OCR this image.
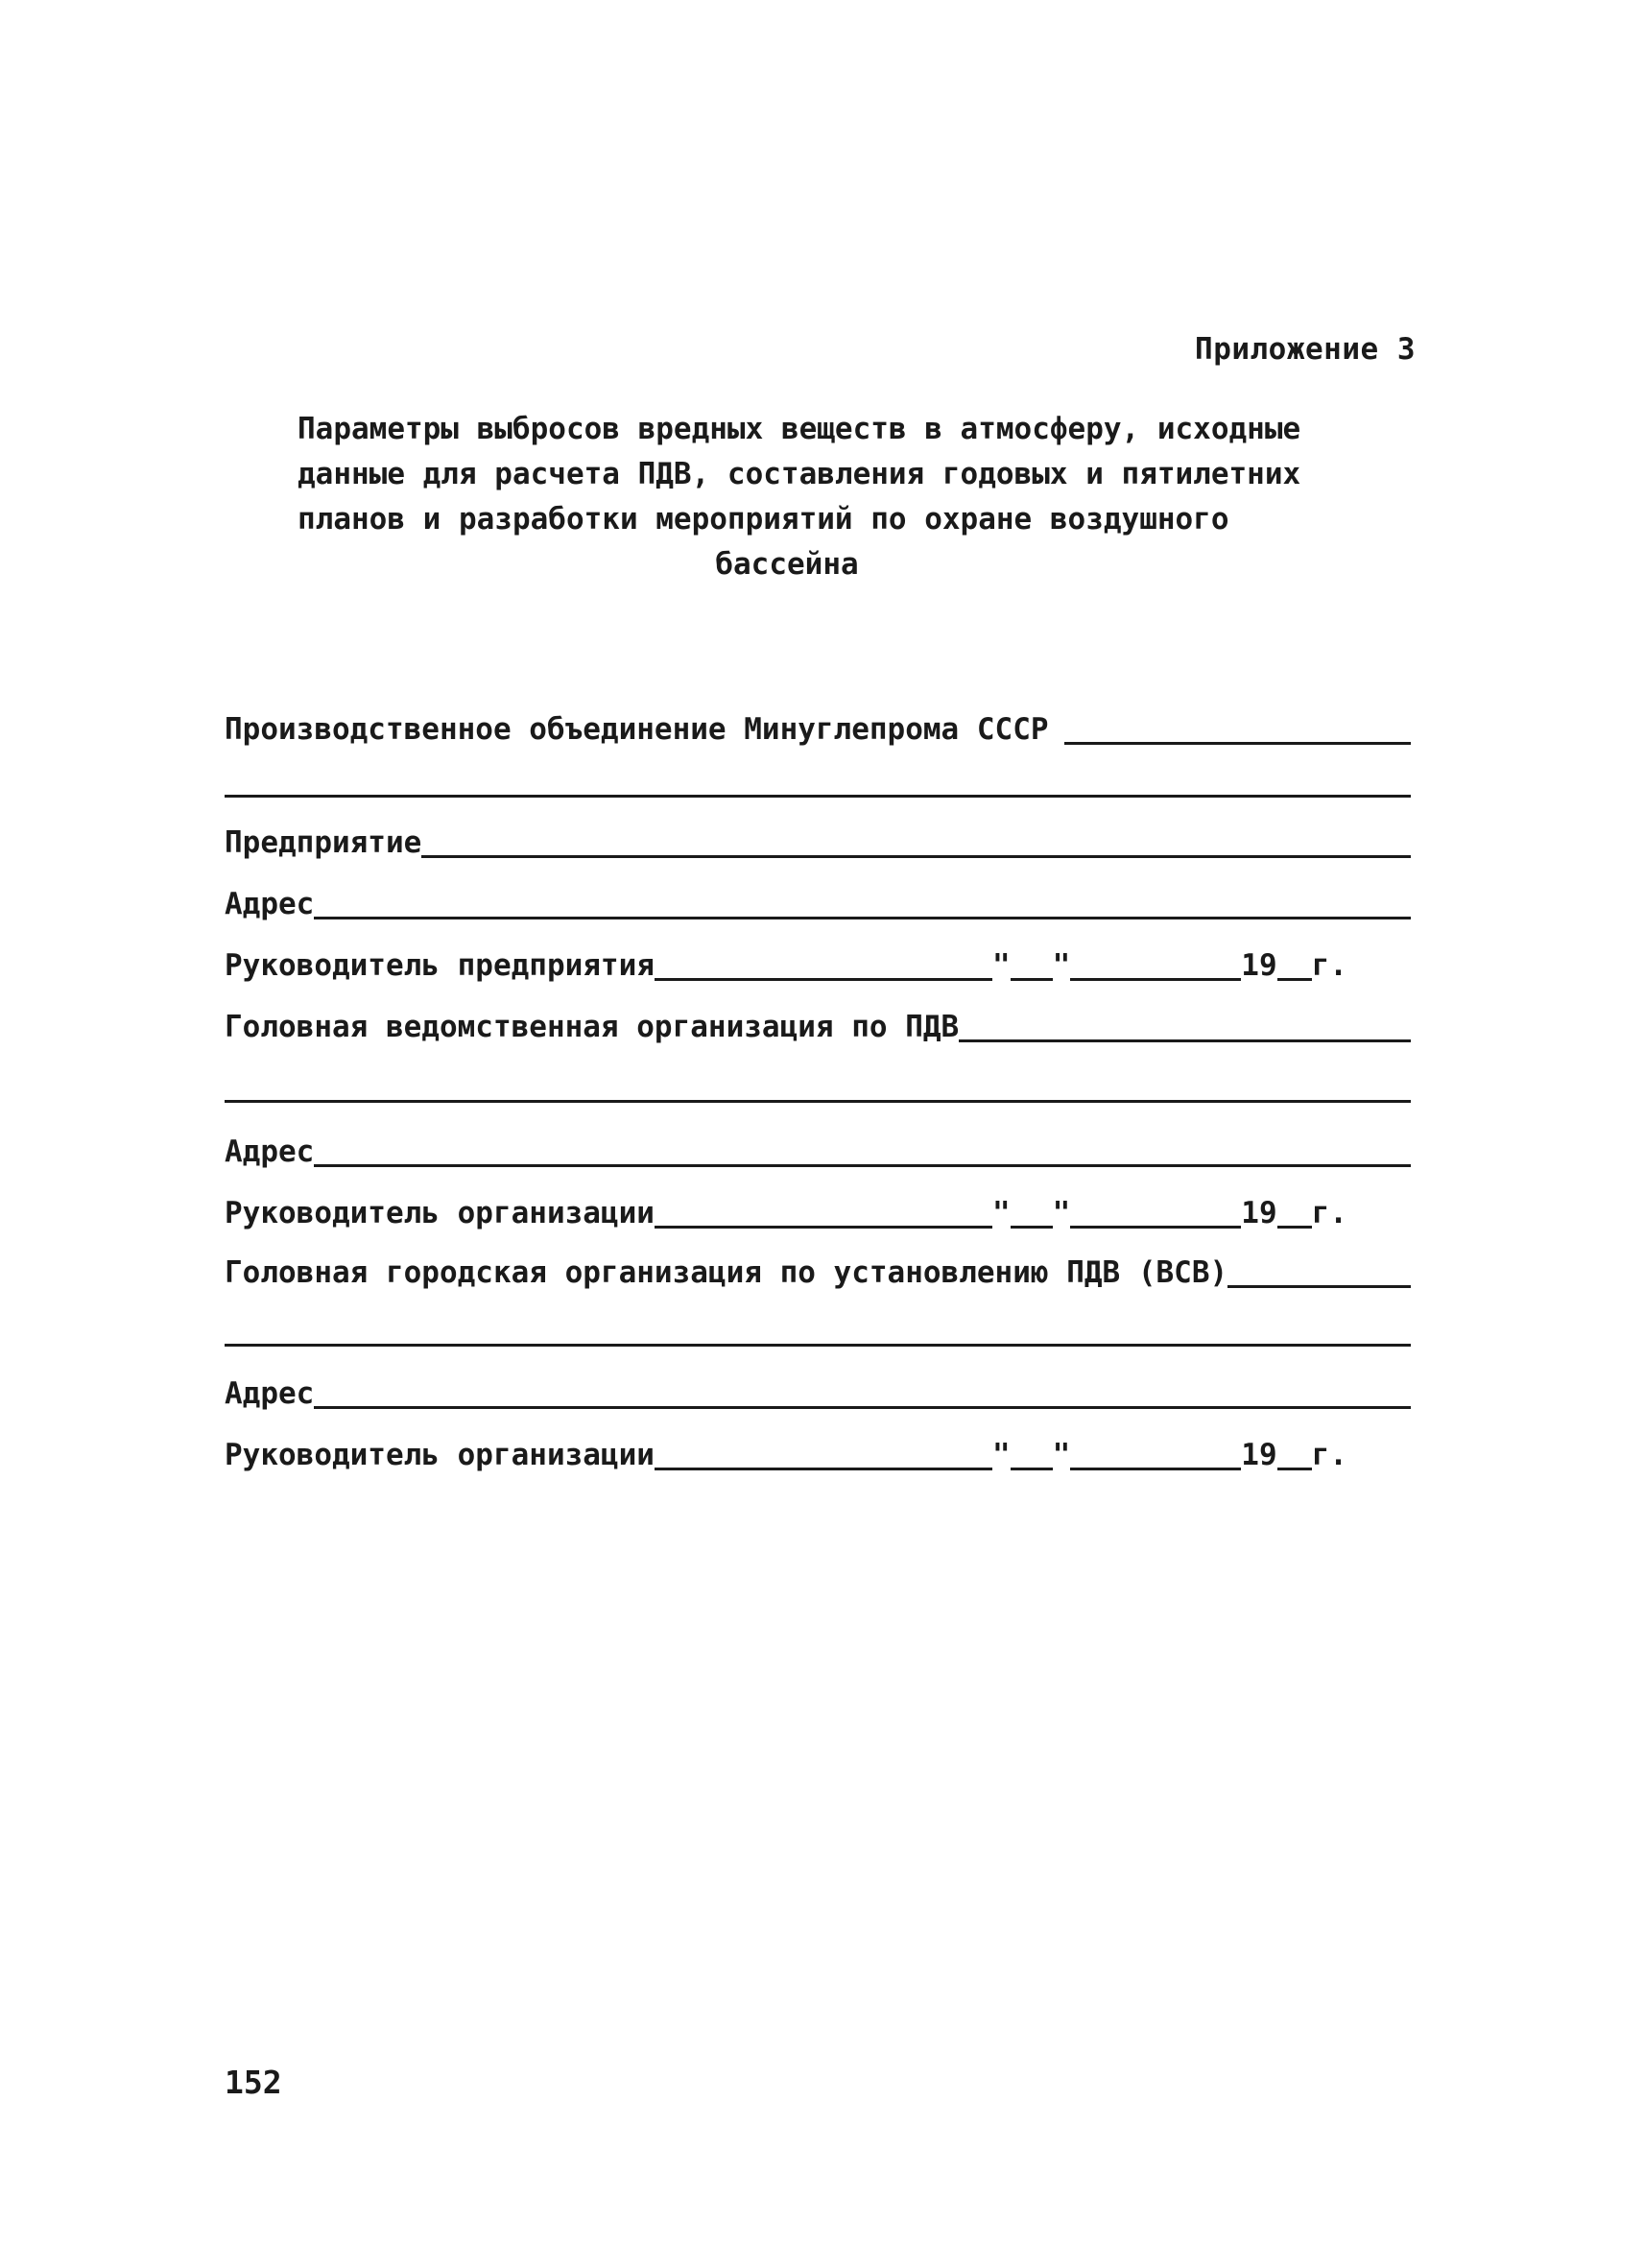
Приложение 3
Параметры выбросов вредных веществ в атмосферу, исходные
данные для расчета ПДВ, составления годовых и пятилетних
планов и разработки мероприятий по охране воздушного
бассейна
Производственное объединение Минуглепрома СССР
Предприятие
Адрес
Руководитель предприятия	" "	19 г.
Головная ведомственная организация по ПДВ
Адрес
Руководитель организации	" "	19 г.
Головная городская организация по установлению ПДВ (ВСВ)
Адрес
Руководитель организации	" "	19 г.
152
